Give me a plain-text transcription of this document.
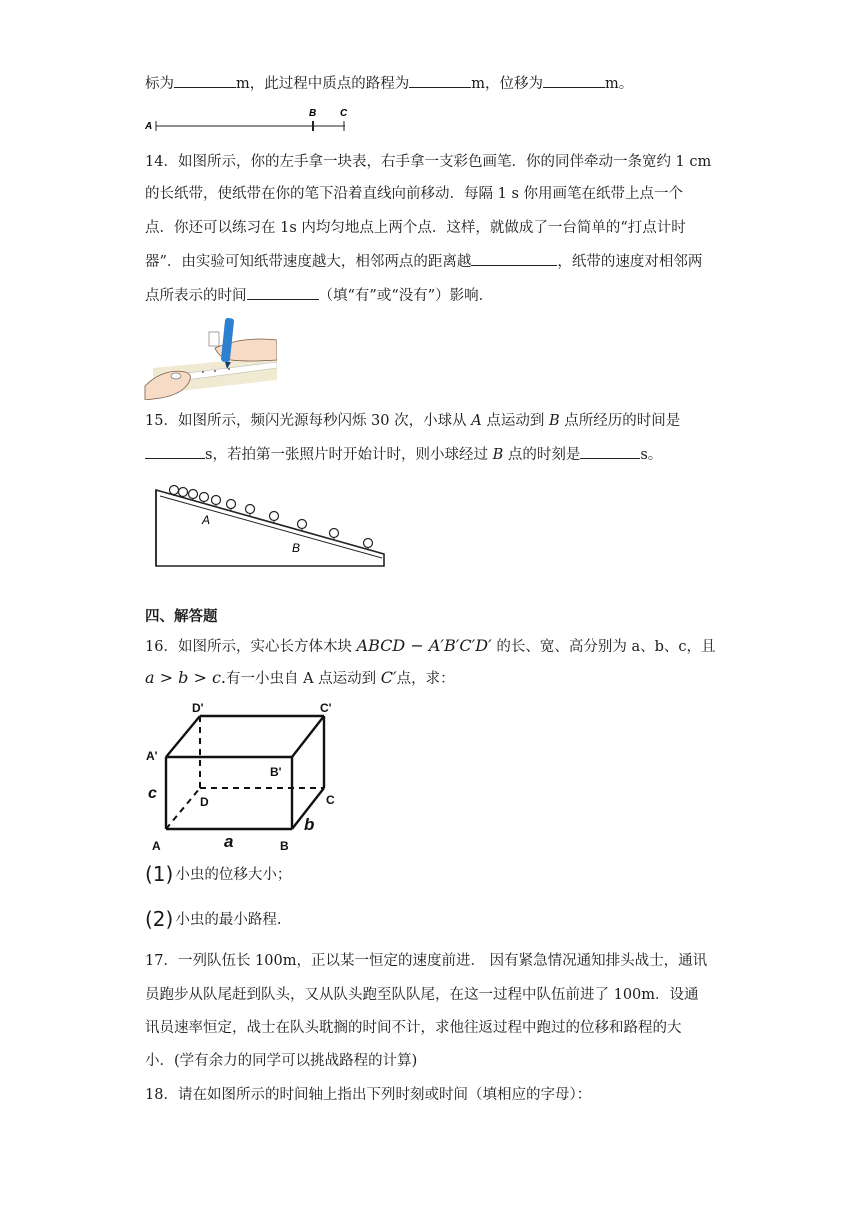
标为	m，此过程中质点的路程为	m，位移为	m。
A
B C
14．如图所示，你的左手拿一块表，右手拿一支彩色画笔．你的同伴牵动一条宽约 1 cm
的长纸带，使纸带在你的笔下沿着直线向前移动．每隔 1 s 你用画笔在纸带上点一个
点．你还可以练习在 1s 内均匀地点上两个点．这样，就做成了一台简单的“打点计时
器”．由实验可知纸带速度越大，相邻两点的距离越	，纸带的速度对相邻两
点所表示的时间	（填“有”或“没有”）影响．
15．如图所示，频闪光源每秒闪烁 30 次，小球从 A 点运动到 B 点所经历的时间是
s，若拍第一张照片时开始计时，则小球经过 B 点的时刻是	s。
A
B
四、解答题
16．如图所示，实心长方体木块 ABCD − A′B′C′D′ 的长、宽、高分别为 a、b、c，且
a > b > c.有一小虫自 A 点运动到 C′点，求：
D'	C'
A'
B'
c	D	C
A	a	B
b
(1) 小虫的位移大小；
(2) 小虫的最小路程.
17．一列队伍长 100m，正以某一恒定的速度前进． 因有紧急情况通知排头战士，通讯
员跑步从队尾赶到队头，又从队头跑至队队尾，在这一过程中队伍前进了 100m．设通
讯员速率恒定，战士在队头耽搁的时间不计，求他往返过程中跑过的位移和路程的大
小．(学有余力的同学可以挑战路程的计算)
18．请在如图所示的时间轴上指出下列时刻或时间（填相应的字母）：
